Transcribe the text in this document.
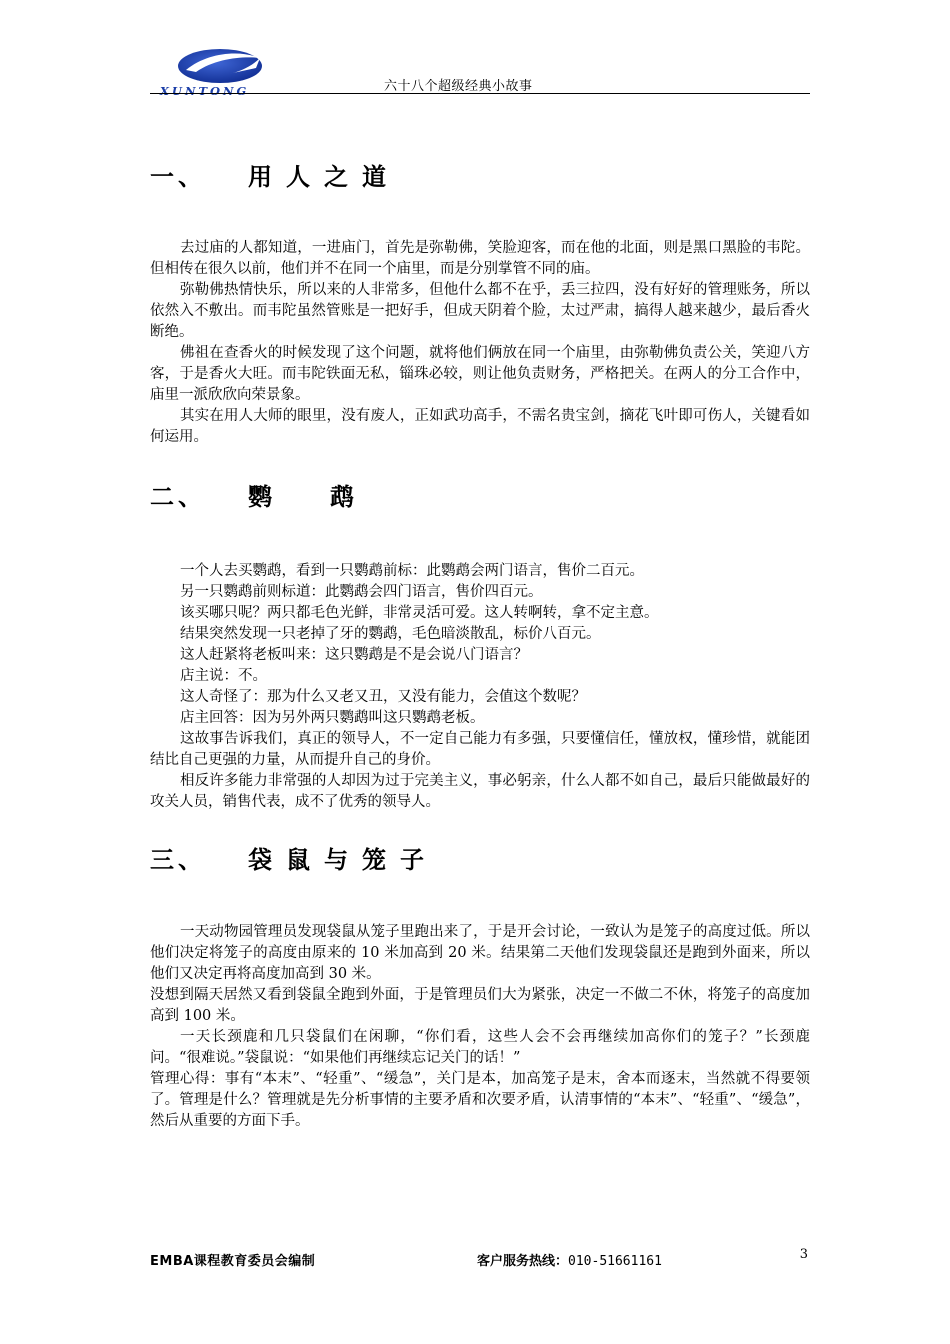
XUNTONG	六十八个超级经典小故事
一、 用人之道

去过庙的人都知道，一进庙门，首先是弥勒佛，笑脸迎客，而在他的北面，则是黑口黑脸的韦陀。但相传在很久以前，他们并不在同一个庙里，而是分别掌管不同的庙。

弥勒佛热情快乐，所以来的人非常多，但他什么都不在乎，丢三拉四，没有好好的管理账务，所以依然入不敷出。而韦陀虽然管账是一把好手，但成天阴着个脸，太过严肃，搞得人越来越少，最后香火断绝。

佛祖在查香火的时候发现了这个问题，就将他们俩放在同一个庙里，由弥勒佛负责公关，笑迎八方客，于是香火大旺。而韦陀铁面无私，锱珠必较，则让他负责财务，严格把关。在两人的分工合作中，庙里一派欣欣向荣景象。

其实在用人大师的眼里，没有废人，正如武功高手，不需名贵宝剑，摘花飞叶即可伤人，关键看如何运用。

二、 鹦鹉

一个人去买鹦鹉，看到一只鹦鹉前标：此鹦鹉会两门语言，售价二百元。

另一只鹦鹉前则标道：此鹦鹉会四门语言，售价四百元。

该买哪只呢？两只都毛色光鲜，非常灵活可爱。这人转啊转，拿不定主意。

结果突然发现一只老掉了牙的鹦鹉，毛色暗淡散乱，标价八百元。

这人赶紧将老板叫来：这只鹦鹉是不是会说八门语言？

店主说：不。

这人奇怪了：那为什么又老又丑，又没有能力，会值这个数呢？

店主回答：因为另外两只鹦鹉叫这只鹦鹉老板。

这故事告诉我们，真正的领导人，不一定自己能力有多强，只要懂信任，懂放权，懂珍惜，就能团结比自己更强的力量，从而提升自己的身价。

相反许多能力非常强的人却因为过于完美主义，事必躬亲，什么人都不如自己，最后只能做最好的攻关人员，销售代表，成不了优秀的领导人。

三、 袋鼠与笼子

一天动物园管理员发现袋鼠从笼子里跑出来了，于是开会讨论，一致认为是笼子的高度过低。所以他们决定将笼子的高度由原来的 10 米加高到 20 米。结果第二天他们发现袋鼠还是跑到外面来，所以他们又决定再将高度加高到 30 米。

没想到隔天居然又看到袋鼠全跑到外面，于是管理员们大为紧张，决定一不做二不休，将笼子的高度加高到 100 米。

一天长颈鹿和几只袋鼠们在闲聊，“你们看，这些人会不会再继续加高你们的笼子？”长颈鹿问。“很难说。”袋鼠说：“如果他们再继续忘记关门的话！”

管理心得：事有“本末”、“轻重”、“缓急”，关门是本，加高笼子是末，舍本而逐末，当然就不得要领了。管理是什么？管理就是先分析事情的主要矛盾和次要矛盾，认清事情的“本末”、“轻重”、“缓急”，然后从重要的方面下手。

EMBA课程教育委员会编制	客户服务热线：010-51661161	3
